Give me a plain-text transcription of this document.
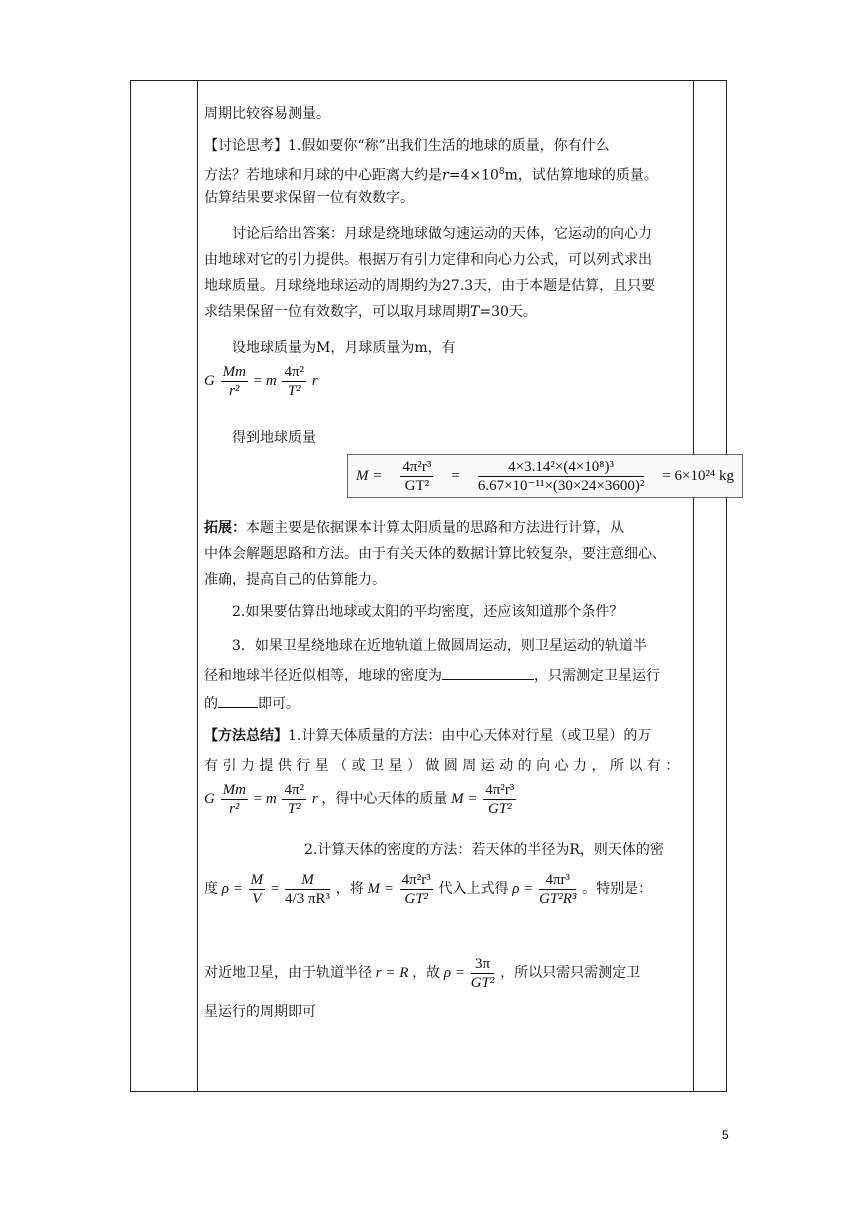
周期比较容易测量。
【讨论思考】1.假如要你“称”出我们生活的地球的质量，你有什么
方法？若地球和月球的中心距离大约是$r=4\times 10^8m$，试估算地球的质量。
估算结果要求保留一位有效数字。
讨论后给出答案：月球是绕地球做匀速运动的天体，它运动的向心力
由地球对它的引力提供。根据万有引力定律和向心力公式，可以列式求出
地球质量。月球绕地球运动的周期约为27.3天，由于本题是估算，且只要
求结果保留一位有效数字，可以取月球周期T=30天。
设地球质量为M，月球质量为m，有
G $\frac{Mm}{\text{r²}} = m \frac{\text{4π²}}{\text{T²}}$ r
得到地球质量
$M = \frac{\text{4π²r³}}{\text{GT²}} = \frac{\text{4×3.14²×(4×10⁸)³}}{\text{6.67×10⁻¹¹×(30×24×3600)²}} = 6\times 10^{24}$ kg
拓展：本题主要是依据课本计算太阳质量的思路和方法进行计算，从
中体会解题思路和方法。由于有关天体的数据计算比较复杂，要注意细心、
准确，提高自己的估算能力。
2.如果要估算出地球或太阳的平均密度，还应该知道那个条件？
3．如果卫星绕地球在近地轨道上做圆周运动，则卫星运动的轨道半
径和地球半径近似相等，地球的密度为	，只需测定卫星运行
的	即可。
【方法总结】1.计算天体质量的方法：由中心天体对行星（或卫星）的万
有 引 力 提 供 行 星 （ 或 卫 星 ） 做 圆 周 运 动 的 向 心 力 ， 所 以 有 ：
G $\frac{Mm}{\text{r²}} = m \frac{\text{4π²}}{\text{T²}}$ r ，得中心天体的质量 $M = \frac{\text{4π²r³}}{\text{GT²}}$
2.计算天体的密度的方法：若天体的半径为R，则天体的密
度 $\rho = \frac{M}{V} = \frac{M}{\text{4/3 πR³}}$ ，将 $M = \frac{\text{4π²r³}}{\text{GT²}}$ 代入上式得 $\rho = \frac{\text{4πr³}}{\text{GT²R³}}$ 。特别是：
对近地卫星，由于轨道半径 r = R ，故 $\rho = \frac{3\pi}{\text{GT²}}$ ，所以只需只需测定卫
星运行的周期即可
5
